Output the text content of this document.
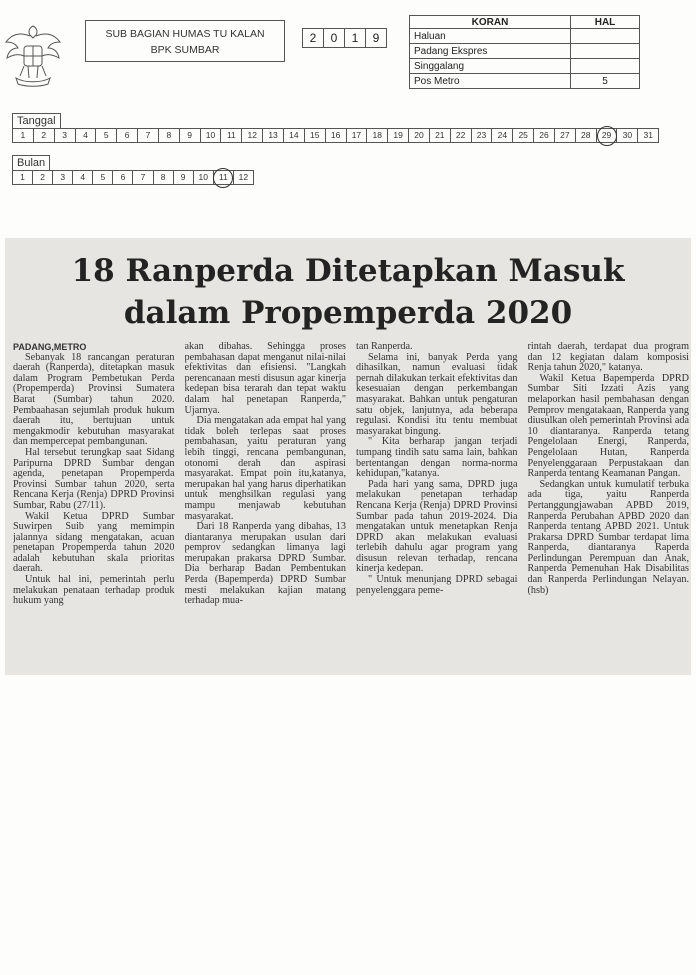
SUB BAGIAN HUMAS TU KALAN
BPK SUMBAR
2	0	1	9
KORAN	HAL
Haluan	
Padang Ekspres	
Singgalang	
Pos Metro	5
Tanggal
1	2	3	4	5	6	7	8	9	10	11	12	13	14	15	16	17	18	19	20	21	22	23	24	25	26	27	28	29	30	31
Bulan
1	2	3	4	5	6	7	8	9	10	11	12
18 Ranperda Ditetapkan Masuk
dalam Propemperda 2020

PADANG,METRO

Sebanyak 18 rancangan peraturan daerah (Ranperda), ditetapkan masuk dalam Program Pembetukan Perda (Propemperda) Provinsi Sumatera Barat (Sumbar) tahun 2020. Pembaahasan sejumlah produk hukum daerah itu, bertujuan untuk mengakmodir kebutuhan masyarakat dan mempercepat pembangunan.

Hal tersebut terungkap saat Sidang Paripurna DPRD Sumbar dengan agenda, penetapan Propemperda Provinsi Sumbar tahun 2020, serta Rencana Kerja (Renja) DPRD Provinsi Sumbar, Rabu (27/11).

Wakil Ketua DPRD Sumbar Suwirpen Suib yang memimpin jalannya sidang mengatakan, acuan penetapan Propemperda tahun 2020 adalah kebutuhan skala prioritas daerah.

Untuk hal ini, pemerintah perlu melakukan penataan terhadap produk hukum yang

akan dibahas. Sehingga proses pembahasan dapat menganut nilai-nilai efektivitas dan efisiensi. "Langkah perencanaan mesti disusun agar kinerja kedepan bisa terarah dan tepat waktu dalam hal penetapan Ranperda," Ujarnya.

Dia mengatakan ada empat hal yang tidak boleh terlepas saat proses pembahasan, yaitu peraturan yang lebih tinggi, rencana pembangunan, otonomi derah dan aspirasi masyarakat. Empat poin itu,katanya, merupakan hal yang harus diperhatikan untuk menghsilkan regulasi yang mampu menjawab kebutuhan masyarakat.

Dari 18 Ranperda yang dibahas, 13 diantaranya merupakan usulan dari pemprov sedangkan limanya lagi merupakan prakarsa DPRD Sumbar. Dia berharap Badan Pembentukan Perda (Bapemperda) DPRD Sumbar mesti melakukan kajian matang terhadap mua-

tan Ranperda.

Selama ini, banyak Perda yang dihasilkan, namun evaluasi tidak pernah dilakukan terkait efektivitas dan kesesuaian dengan perkembangan masyarakat. Bahkan untuk pengaturan satu objek, lanjutnya, ada beberapa regulasi. Kondisi itu tentu membuat masyarakat bingung.

" Kita berharap jangan terjadi tumpang tindih satu sama lain, bahkan bertentangan dengan norma-norma kehidupan,"katanya.

Pada hari yang sama, DPRD juga melakukan penetapan terhadap Rencana Kerja (Renja) DPRD Provinsi Sumbar pada tahun 2019-2024. Dia mengatakan untuk menetapkan Renja DPRD akan melakukan evaluasi terlebih dahulu agar program yang disusun relevan terhadap, rencana kinerja kedepan.

" Untuk menunjang DPRD sebagai penyelenggara peme-

rintah daerah, terdapat dua program dan 12 kegiatan dalam komposisi Renja tahun 2020," katanya.

Wakil Ketua Bapemperda DPRD Sumbar Siti Izzati Azis yang melaporkan hasil pembahasan dengan Pemprov mengatakaan, Ranperda yang diusulkan oleh pemerintah Provinsi ada 10 diantaranya. Ranperda tetang Pengelolaan Energi, Ranperda, Pengelolaan Hutan, Ranperda Penyelenggaraan Perpustakaan dan Ranperda tentang Keamanan Pangan.

Sedangkan untuk kumulatif terbuka ada tiga, yaitu Ranperda Pertanggungjawaban APBD 2019, Ranperda Perubahan APBD 2020 dan Ranperda tentang APBD 2021. Untuk Prakarsa DPRD Sumbar terdapat lima Ranperda, diantaranya Raperda Perlindungan Perempuan dan Anak, Ranperda Pemenuhan Hak Disabilitas dan Ranperda Perlindungan Nelayan. (hsb)
